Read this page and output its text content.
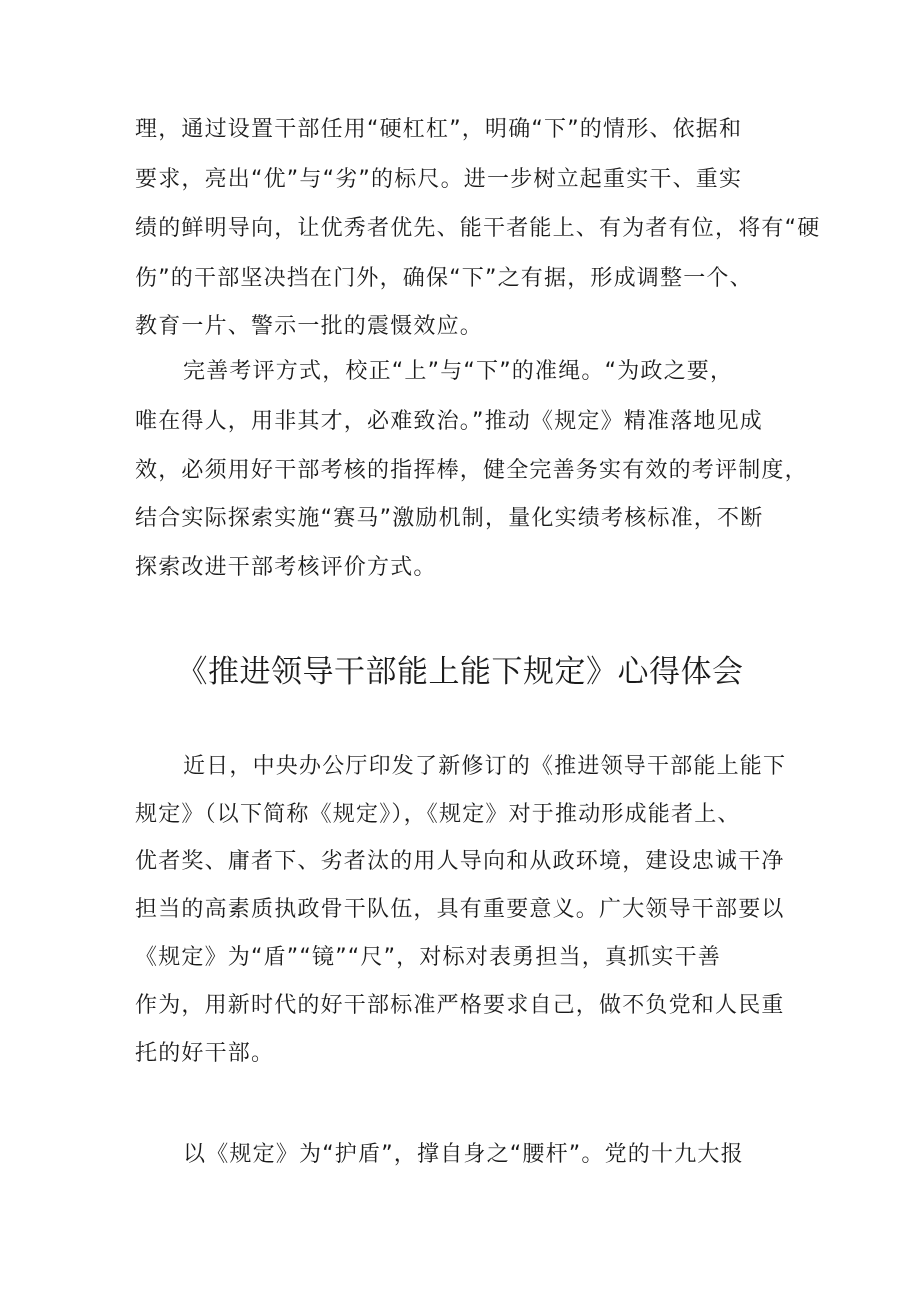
理，通过设置干部任用“硬杠杠”，明确“下”的情形、依据和

要求，亮出“优”与“劣”的标尺。进一步树立起重实干、重实

绩的鲜明导向，让优秀者优先、能干者能上、有为者有位，将有“硬

伤”的干部坚决挡在门外，确保“下”之有据，形成调整一个、

教育一片、警示一批的震慑效应。

完善考评方式，校正“上”与“下”的准绳。“为政之要，

唯在得人，用非其才，必难致治。”推动《规定》精准落地见成

效，必须用好干部考核的指挥棒，健全完善务实有效的考评制度，

结合实际探索实施“赛马”激励机制，量化实绩考核标准，不断

探索改进干部考核评价方式。

《推进领导干部能上能下规定》心得体会

近日，中央办公厅印发了新修订的《推进领导干部能上能下

规定》（以下简称《规定》），《规定》对于推动形成能者上、

优者奖、庸者下、劣者汰的用人导向和从政环境，建设忠诚干净

担当的高素质执政骨干队伍，具有重要意义。广大领导干部要以

《规定》为“盾”“镜”“尺”，对标对表勇担当，真抓实干善

作为，用新时代的好干部标准严格要求自己，做不负党和人民重

托的好干部。

以《规定》为“护盾”，撑自身之“腰杆”。党的十九大报
